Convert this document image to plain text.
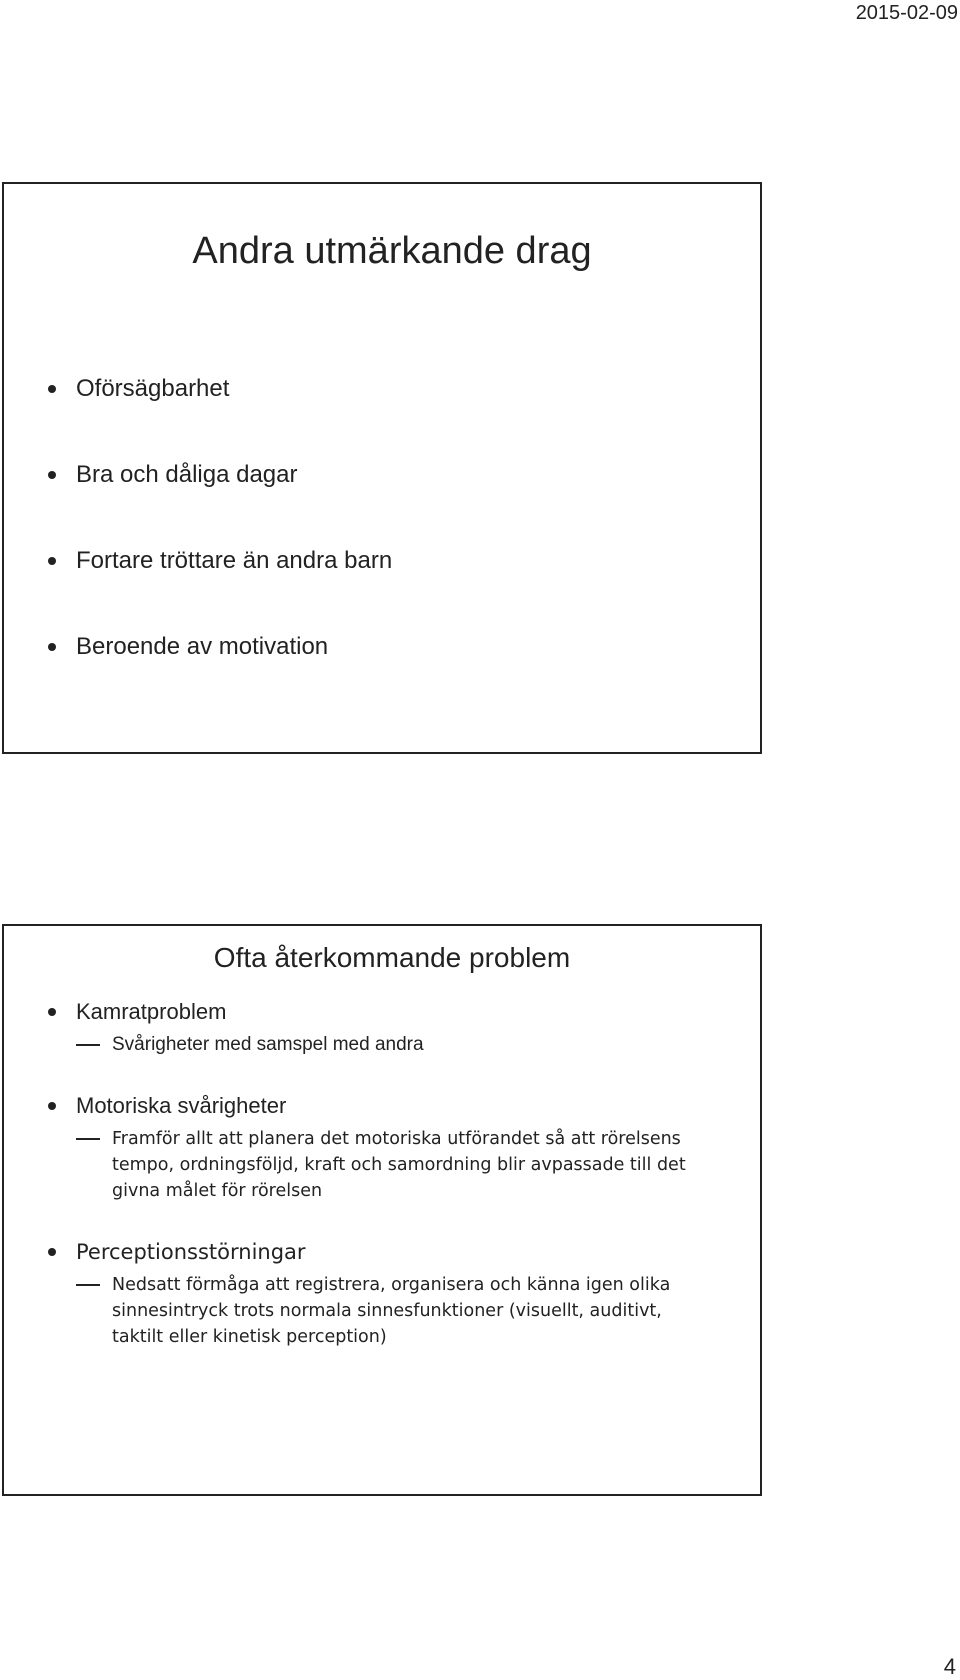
2015-02-09
Andra utmärkande drag
Oförsägbarhet
Bra och dåliga dagar
Fortare tröttare än andra barn
Beroende av motivation
Ofta återkommande problem
Kamratproblem
Svårigheter med samspel med andra
Motoriska svårigheter
Framför allt att planera det motoriska utförandet så att rörelsens tempo, ordningsföljd, kraft och samordning blir avpassade till det givna målet för rörelsen
Perceptionsstörningar
Nedsatt förmåga att registrera, organisera och känna igen olika sinnesintryck trots normala sinnesfunktioner (visuellt, auditivt, taktilt eller kinetisk perception)
4
